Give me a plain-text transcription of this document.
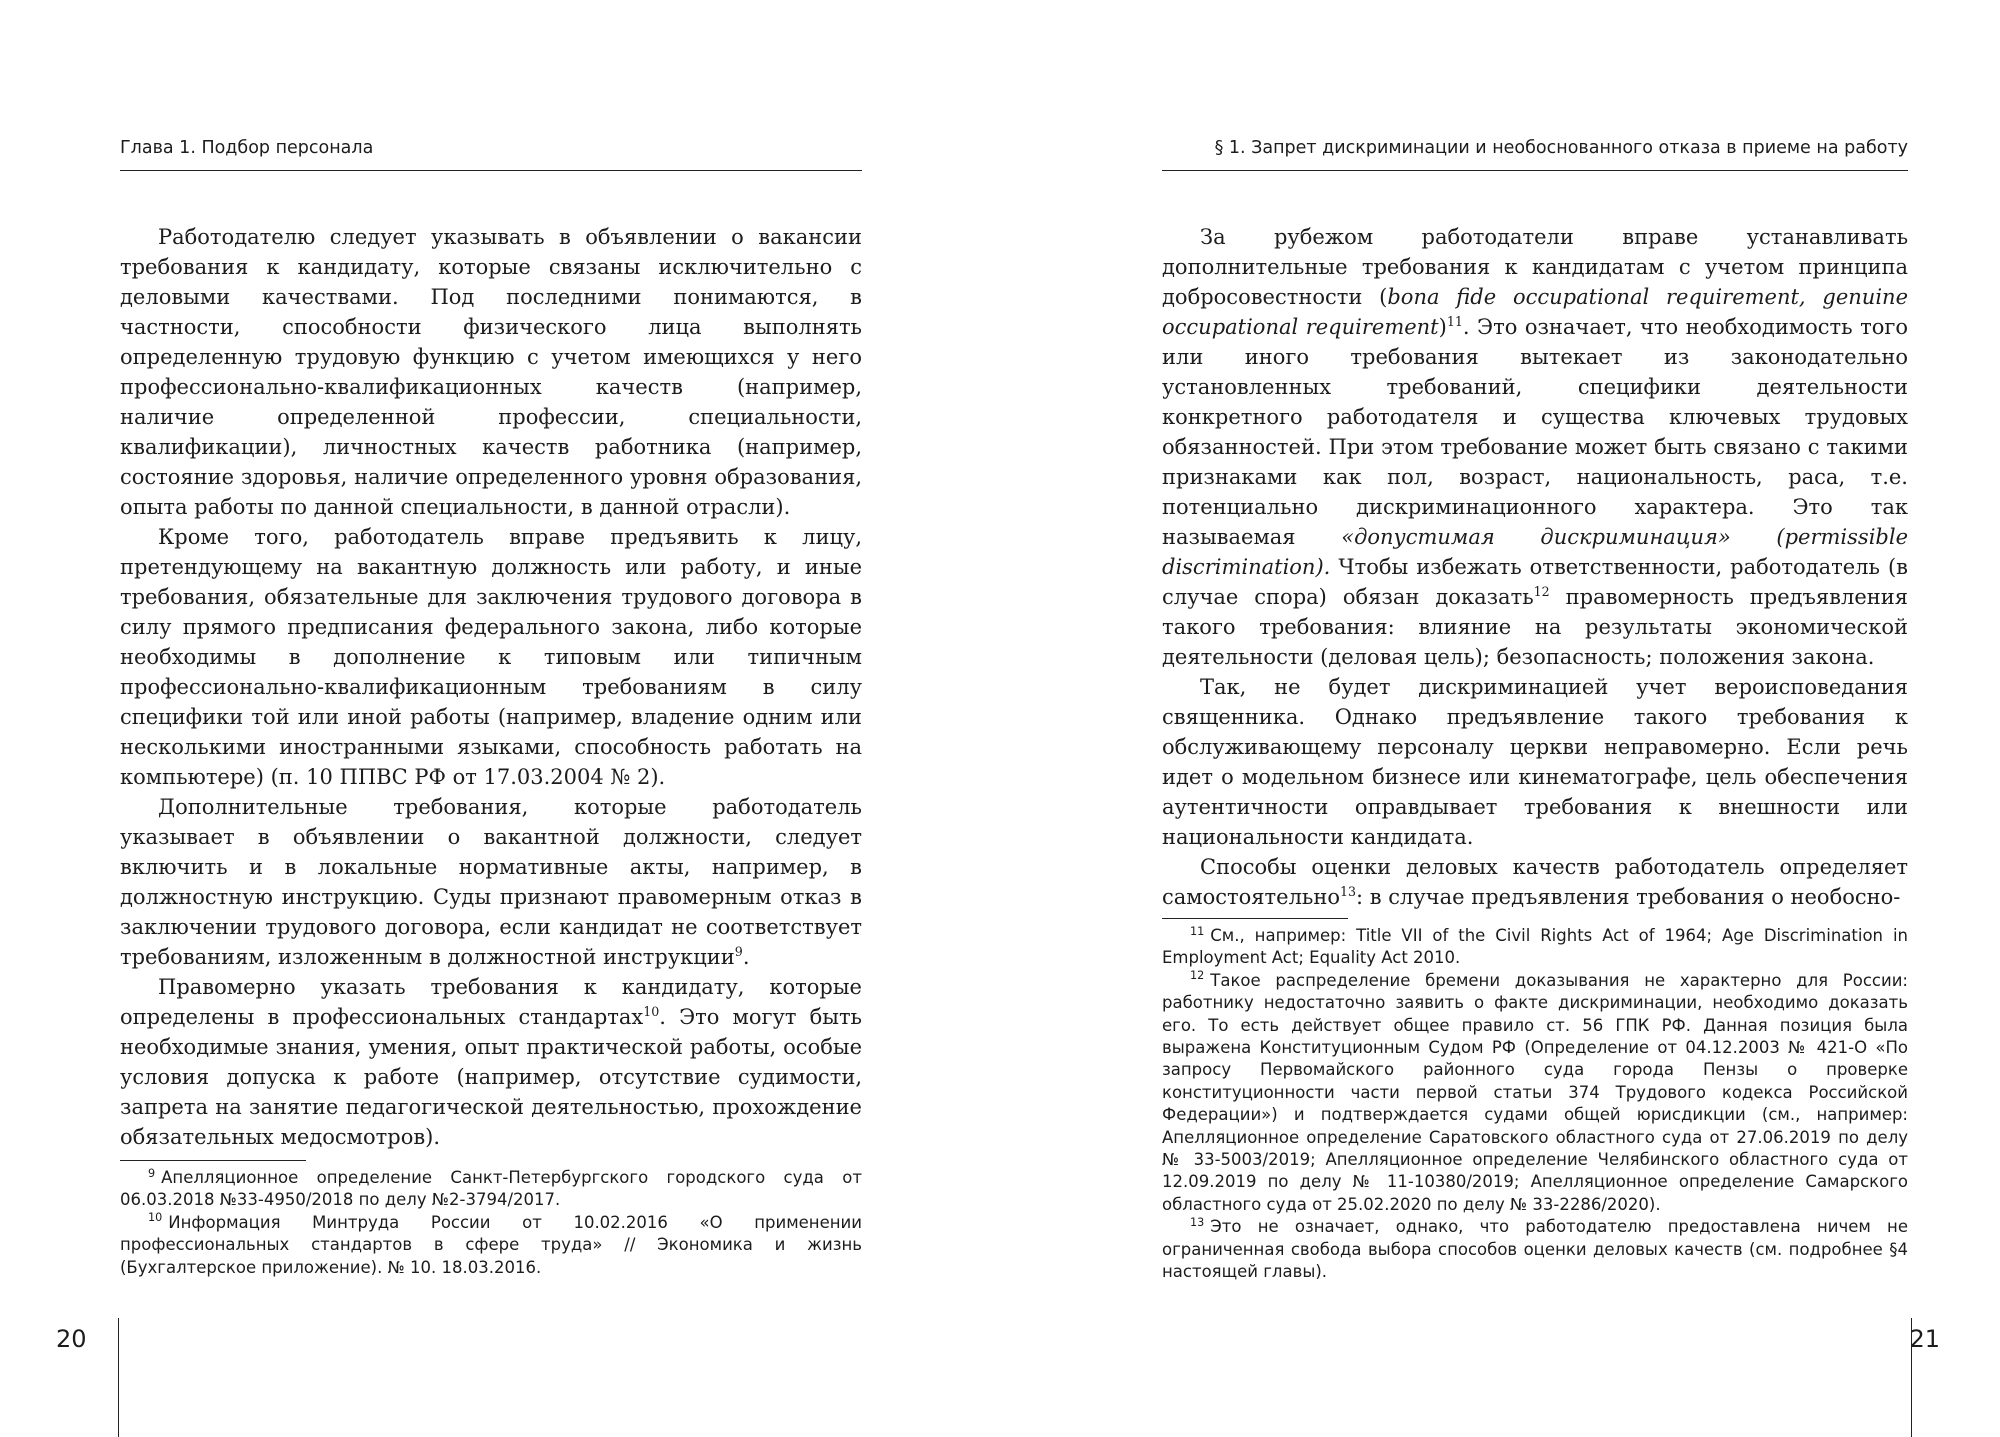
Глава 1. Подбор персонала

Работодателю следует указывать в объявлении о вакансии требования к кандидату, которые связаны исключительно с деловыми качествами. Под последними понимаются, в частности, способности физического лица выполнять определенную трудовую функцию с учетом имеющихся у него профессионально-квалификационных качеств (например, наличие определенной профессии, специальности, квалификации), личностных качеств работника (например, состояние здоровья, наличие определенного уровня образования, опыта работы по данной специальности, в данной отрасли).

Кроме того, работодатель вправе предъявить к лицу, претендующему на вакантную должность или работу, и иные требования, обязательные для заключения трудового договора в силу прямого предписания федерального закона, либо которые необходимы в дополнение к типовым или типичным профессионально-квалификационным требованиям в силу специфики той или иной работы (например, владение одним или несколькими иностранными языками, способность работать на компьютере) (п. 10 ППВС РФ от 17.03.2004 № 2).

Дополнительные требования, которые работодатель указывает в объявлении о вакантной должности, следует включить и в локальные нормативные акты, например, в должностную инструкцию. Суды признают правомерным отказ в заключении трудового договора, если кандидат не соответствует требованиям, изложенным в должностной инструкции$^9$.

Правомерно указать требования к кандидату, которые определены в профессиональных стандартах$^{10}$. Это могут быть необходимые знания, умения, опыт практической работы, особые условия допуска к работе (например, отсутствие судимости, запрета на занятие педагогической деятельностью, прохождение обязательных медосмотров).

$^9$ Апелляционное определение Санкт-Петербургского городского суда от 06.03.2018 №33-4950/2018 по делу №2-3794/2017.

$^{10}$ Информация Минтруда России от 10.02.2016 «О применении профессиональных стандартов в сфере труда» // Экономика и жизнь (Бухгалтерское приложение). № 10. 18.03.2016.

20
§ 1. Запрет дискриминации и необоснованного отказа в приеме на работу

За рубежом работодатели вправе устанавливать дополнительные требования к кандидатам с учетом принципа добросовестности (bona fide occupational requirement, genuine occupational requirement)$^{11}$. Это означает, что необходимость того или иного требования вытекает из законодательно установленных требований, специфики деятельности конкретного работодателя и существа ключевых трудовых обязанностей. При этом требование может быть связано с такими признаками как пол, возраст, национальность, раса, т.е. потенциально дискриминационного характера. Это так называемая «допустимая дискриминация» (permissible discrimination). Чтобы избежать ответственности, работодатель (в случае спора) обязан доказать$^{12}$ правомерность предъявления такого требования: влияние на результаты экономической деятельности (деловая цель); безопасность; положения закона.

Так, не будет дискриминацией учет вероисповедания священника. Однако предъявление такого требования к обслуживающему персоналу церкви неправомерно. Если речь идет о модельном бизнесе или кинематографе, цель обеспечения аутентичности оправдывает требования к внешности или национальности кандидата.

Способы оценки деловых качеств работодатель определяет самостоятельно$^{13}$: в случае предъявления требования о необосно-

$^{11}$ См., например: Title VII of the Civil Rights Act of 1964; Age Discrimination in Employment Act; Equality Act 2010.

$^{12}$ Такое распределение бремени доказывания не характерно для России: работнику недостаточно заявить о факте дискриминации, необходимо доказать его. То есть действует общее правило ст. 56 ГПК РФ. Данная позиция была выражена Конституционным Судом РФ (Определение от 04.12.2003 № 421-О «По запросу Первомайского районного суда города Пензы о проверке конституционности части первой статьи 374 Трудового кодекса Российской Федерации») и подтверждается судами общей юрисдикции (см., например: Апелляционное определение Саратовского областного суда от 27.06.2019 по делу № 33-5003/2019; Апелляционное определение Челябинского областного суда от 12.09.2019 по делу № 11-10380/2019; Апелляционное определение Самарского областного суда от 25.02.2020 по делу № 33-2286/2020).

$^{13}$ Это не означает, однако, что работодателю предоставлена ничем не ограниченная свобода выбора способов оценки деловых качеств (см. подробнее §4 настоящей главы).

21
